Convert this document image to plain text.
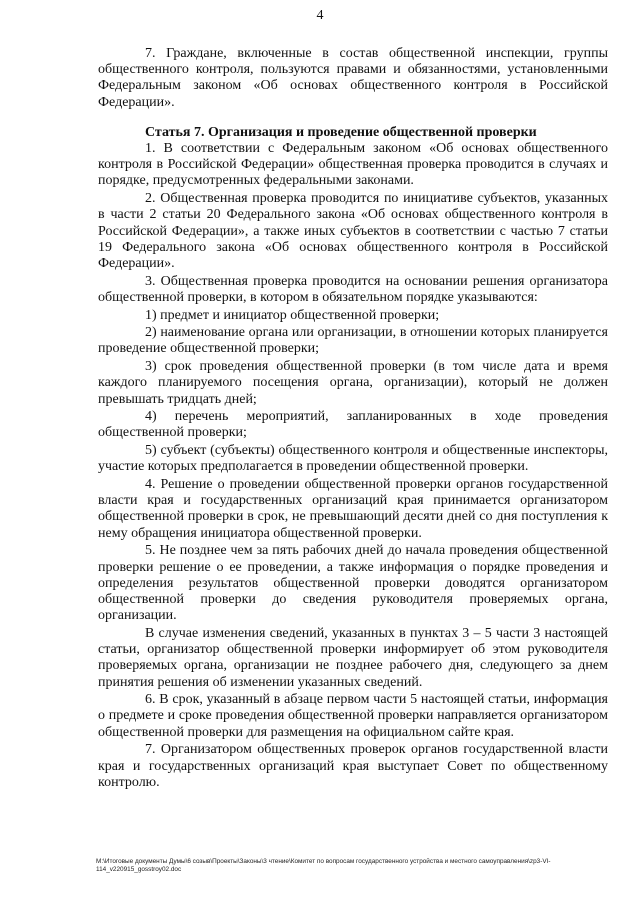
4

7. Граждане, включенные в состав общественной инспекции, группы общественного контроля, пользуются правами и обязанностями, установленными Федеральным законом «Об основах общественного контроля в Российской Федерации».

Статья 7. Организация и проведение общественной проверки

1. В соответствии с Федеральным законом «Об основах общественного контроля в Российской Федерации» общественная проверка проводится в случаях и порядке, предусмотренных федеральными законами.

2. Общественная проверка проводится по инициативе субъектов, указанных в части 2 статьи 20 Федерального закона «Об основах общественного контроля в Российской Федерации», а также иных субъектов в соответствии с частью 7 статьи 19 Федерального закона «Об основах общественного контроля в Российской Федерации».

3. Общественная проверка проводится на основании решения организатора общественной проверки, в котором в обязательном порядке указываются:

1) предмет и инициатор общественной проверки;

2) наименование органа или организации, в отношении которых планируется проведение общественной проверки;

3) срок проведения общественной проверки (в том числе дата и время каждого планируемого посещения органа, организации), который не должен превышать тридцать дней;

4) перечень мероприятий, запланированных в ходе проведения общественной проверки;

5) субъект (субъекты) общественного контроля и общественные инспекторы, участие которых предполагается в проведении общественной проверки.

4. Решение о проведении общественной проверки органов государственной власти края и государственных организаций края принимается организатором общественной проверки в срок, не превышающий десяти дней со дня поступления к нему обращения инициатора общественной проверки.

5. Не позднее чем за пять рабочих дней до начала проведения общественной проверки решение о ее проведении, а также информация о порядке проведения и определения результатов общественной проверки доводятся организатором общественной проверки до сведения руководителя проверяемых органа, организации.

В случае изменения сведений, указанных в пунктах 3 – 5 части 3 настоящей статьи, организатор общественной проверки информирует об этом руководителя проверяемых органа, организации не позднее рабочего дня, следующего за днем принятия решения об изменении указанных сведений.

6. В срок, указанный в абзаце первом части 5 настоящей статьи, информация о предмете и сроке проведения общественной проверки направляется организатором общественной проверки для размещения на официальном сайте края.

7. Организатором общественных проверок органов государственной власти края и государственных организаций края выступает Совет по общественному контролю.

M:\Итоговые документы Думы\6 созыв\Проекты\Законы\3 чтение\Комитет по вопросам государственного устройства и местного самоуправления\zp3-VI-114_v220915_gosstroy02.doc
